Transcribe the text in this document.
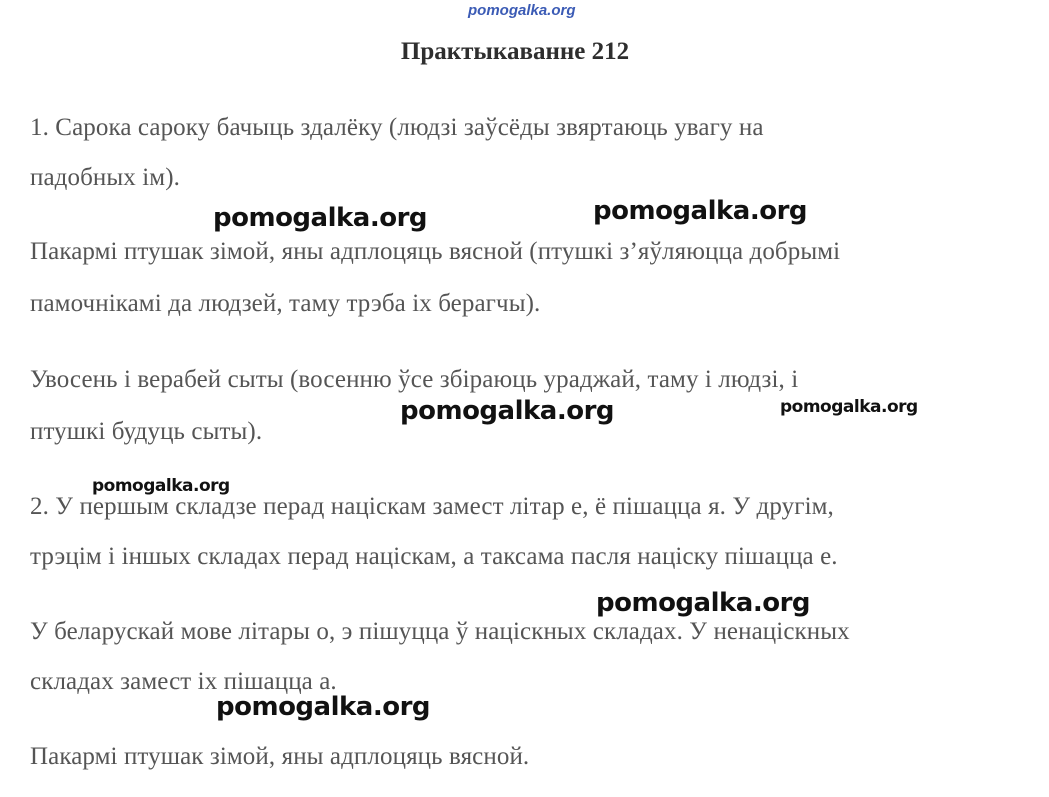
pomogalka.org
Практыкаванне 212
1. Сарока сароку бачыць здалёку (людзі заўсёды звяртаюць увагу на
падобных ім).
Пакармі птушак зімой, яны адплоцяць вясной (птушкі з’яўляюцца добрымі
памочнікамі да людзей, таму трэба іх берагчы).
Увосень і верабей сыты (восенню ўсе збіраюць ураджай, таму і людзі, і
птушкі будуць сыты).
2. У першым складзе перад націскам замест літар е, ё пішацца я. У другім,
трэцім і іншых складах перад націскам, а таксама пасля націску пішацца е.
У беларускай мове літары о, э пішуцца ў націскных складах. У ненацiскных
складах замест іх пішацца а.
Пакармі птушак зімой, яны адплоцяць вясной.
pomogalka.org	pomogalka.org
pomogalka.org	pomogalka.org
pomogalka.org
pomogalka.org
pomogalka.org
